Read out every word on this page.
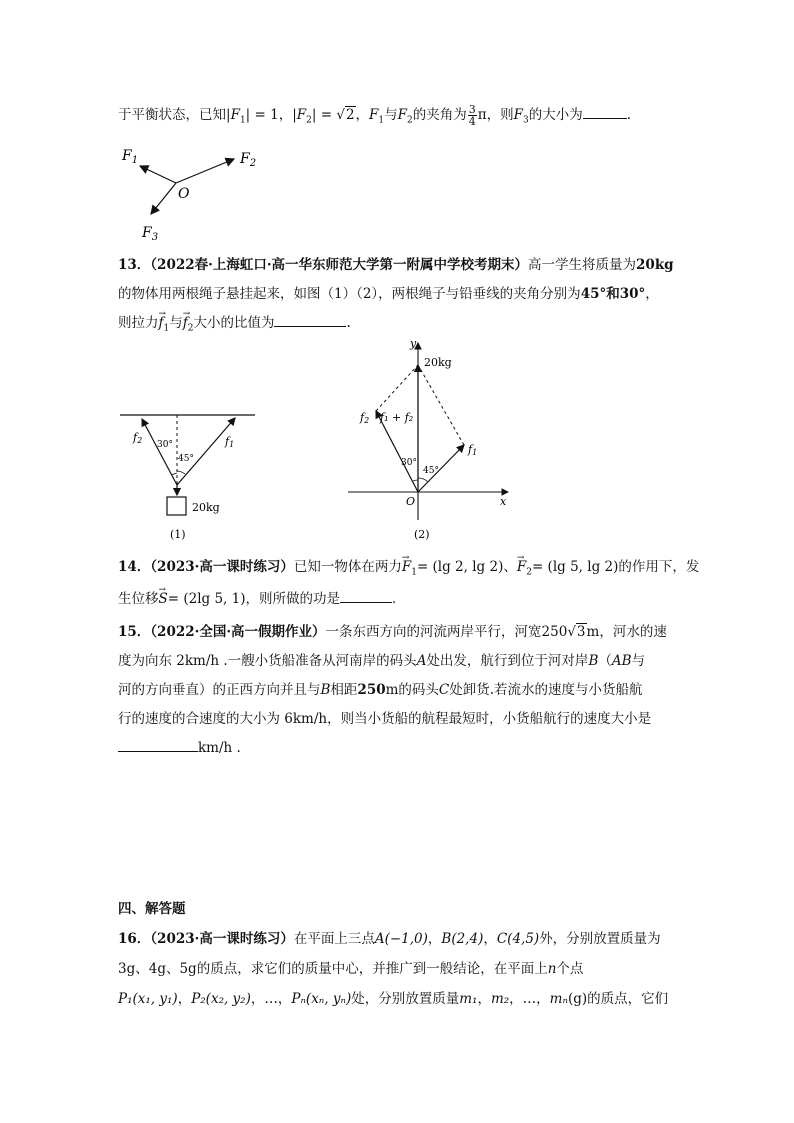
于平衡状态，已知$|F_1| = 1$，$|F_2| = √2$，$F_1$与$F_2$的夹角为 $\frac{3}{4}$ π，则$F_3$的大小为	.
$F_1$	$F_2$
$F_3$
O
13．（2022春·上海虹口·高一华东师范大学第一附属中学校考期末）高一学生将质量为20kg
的物体用两根绳子悬挂起来，如图（1）（2），两根绳子与铅垂线的夹角分别为45°和30°，
则拉力→ $f_1$与→ $f_2$大小的比值为	.
f2	f1
30°
45°
20kg
(1)
y
x
O
20kg
f2 f₁ + f₂
f1
30°
45°
(2)
14．（2023·高一课时练习）已知一物体在两力→ $F_1= (\lg$ 2, lg 2)、→ $F_2= (\lg$ 5, lg 2)的作用下，发
生位移→ S= (2lg 5, 1)，则所做的功是	．
15．（2022·全国·高一假期作业）一条东西方向的河流两岸平行，河宽250√3m，河水的速
度为向东 2km/h .一艘小货船准备从河南岸的码头A处出发，航行到位于河对岸B（AB与
河的方向垂直）的正西方向并且与B相距250m的码头C处卸货.若流水的速度与小货船航
行的速度的合速度的大小为 6km/h，则当小货船的航程最短时，小货船航行的速度大小是
km/h .
四、解答题
16．（2023·高一课时练习）在平面上三点A(−1,0)，B(2,4)，C(4,5)外，分别放置质量为
3g、4g、5g的质点，求它们的质量中心，并推广到一般结论，在平面上n个点
P₁(x₁, y₁)，P₂(x₂, y₂)，…，Pₙ(xₙ, yₙ)处，分别放置质量m₁，m₂，…，mₙ(g)的质点，它们
